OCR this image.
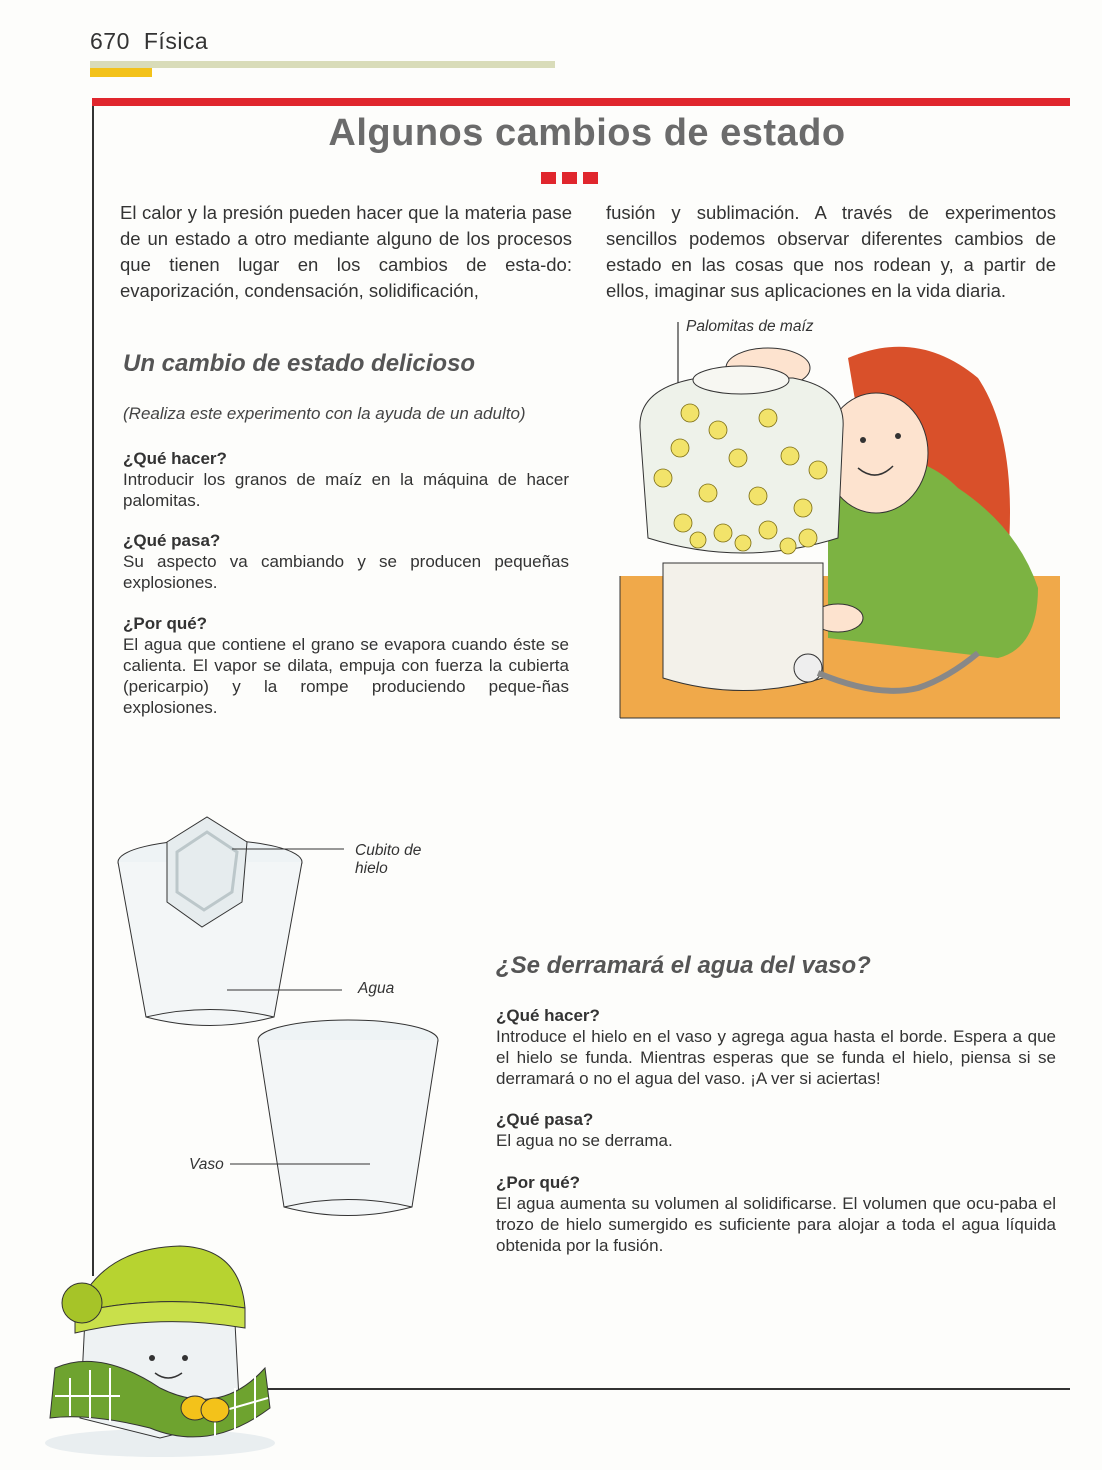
670 Física
Algunos cambios de estado
El calor y la presión pueden hacer que la materia pase de un estado a otro mediante alguno de los procesos que tienen lugar en los cambios de esta-do: evaporización, condensación, solidificación,
fusión y sublimación. A través de experimentos sencillos podemos observar diferentes cambios de estado en las cosas que nos rodean y, a partir de ellos, imaginar sus aplicaciones en la vida diaria.
Un cambio de estado delicioso
(Realiza este experimento con la ayuda de un adulto)
¿Qué hacer?
Introducir los granos de maíz en la máquina de hacer palomitas.
¿Qué pasa?
Su aspecto va cambiando y se producen pequeñas explosiones.
¿Por qué?
El agua que contiene el grano se evapora cuando éste se calienta. El vapor se dilata, empuja con fuerza la cubierta (pericarpio) y la rompe produciendo peque-ñas explosiones.
Palomitas de maíz
Cubito de
hielo
Agua
Vaso
¿Se derramará el agua del vaso?
¿Qué hacer?
Introduce el hielo en el vaso y agrega agua hasta el borde. Espera a que el hielo se funda. Mientras esperas que se funda el hielo, piensa si se derramará o no el agua del vaso. ¡A ver si aciertas!
¿Qué pasa?
El agua no se derrama.
¿Por qué?
El agua aumenta su volumen al solidificarse. El volumen que ocu-paba el trozo de hielo sumergido es suficiente para alojar a toda el agua líquida obtenida por la fusión.
